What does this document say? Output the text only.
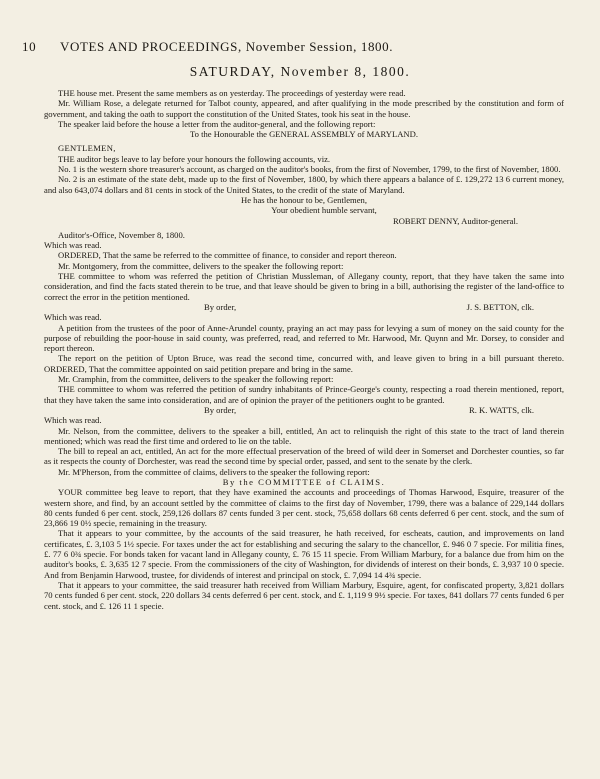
10 VOTES AND PROCEEDINGS, November Session, 1800.
SATURDAY, November 8, 1800.

THE house met. Present the same members as on yesterday. The proceedings of yesterday were read.

Mr. William Rose, a delegate returned for Talbot county, appeared, and after qualifying in the mode prescribed by the constitution and form of government, and taking the oath to support the constitution of the United States, took his seat in the house.

The speaker laid before the house a letter from the auditor-general, and the following report:

To the Honourable the GENERAL ASSEMBLY of MARYLAND.

GENTLEMEN,

THE auditor begs leave to lay before your honours the following accounts, viz.

No. 1 is the western shore treasurer's account, as charged on the auditor's books, from the first of November, 1799, to the first of November, 1800.

No. 2 is an estimate of the state debt, made up to the first of November, 1800, by which there appears a balance of £. 129,272 13 6 current money, and also 643,074 dollars and 81 cents in stock of the United States, to the credit of the state of Maryland.

He has the honour to be, Gentlemen,

Your obedient humble servant,

ROBERT DENNY, Auditor-general.

Auditor's-Office, November 8, 1800.

Which was read.

ORDERED, That the same be referred to the committee of finance, to consider and report thereon.

Mr. Montgomery, from the committee, delivers to the speaker the following report:

THE committee to whom was referred the petition of Christian Mussleman, of Allegany county, report, that they have taken the same into consideration, and find the facts stated therein to be true, and that leave should be given to bring in a bill, authorising the register of the land-office to correct the error in the petition mentioned.

By order,	J. S. BETTON, clk.

Which was read.

A petition from the trustees of the poor of Anne-Arundel county, praying an act may pass for levying a sum of money on the said county for the purpose of rebuilding the poor-house in said county, was preferred, read, and referred to Mr. Harwood, Mr. Quynn and Mr. Dorsey, to consider and report thereon.

The report on the petition of Upton Bruce, was read the second time, concurred with, and leave given to bring in a bill pursuant thereto. ORDERED, That the committee appointed on said petition prepare and bring in the same.

Mr. Cramphin, from the committee, delivers to the speaker the following report:

THE committee to whom was referred the petition of sundry inhabitants of Prince-George's county, respecting a road therein mentioned, report, that they have taken the same into consideration, and are of opinion the prayer of the petitioners ought to be granted.

By order,	R. K. WATTS, clk.

Which was read.

Mr. Nelson, from the committee, delivers to the speaker a bill, entitled, An act to relinquish the right of this state to the tract of land therein mentioned; which was read the first time and ordered to lie on the table.

The bill to repeal an act, entitled, An act for the more effectual preservation of the breed of wild deer in Somerset and Dorchester counties, so far as it respects the county of Dorchester, was read the second time by special order, passed, and sent to the senate by the clerk.

Mr. M'Pherson, from the committee of claims, delivers to the speaker the following report:

By the COMMITTEE of CLAIMS.

YOUR committee beg leave to report, that they have examined the accounts and proceedings of Thomas Harwood, Esquire, treasurer of the western shore, and find, by an account settled by the committee of claims to the first day of November, 1799, there was a balance of 229,144 dollars 80 cents funded 6 per cent. stock, 259,126 dollars 87 cents funded 3 per cent. stock, 75,658 dollars 68 cents deferred 6 per cent. stock, and the sum of 23,866 19 0½ specie, remaining in the treasury.

That it appears to your committee, by the accounts of the said treasurer, he hath received, for escheats, caution, and improvements on land certificates, £. 3,103 5 1½ specie. For taxes under the act for establishing and securing the salary to the chancellor, £. 946 0 7 specie. For militia fines, £. 77 6 0¾ specie. For bonds taken for vacant land in Allegany county, £. 76 15 11 specie. From William Marbury, for a balance due from him on the auditor's books, £. 3,635 12 7 specie. From the commissioners of the city of Washington, for dividends of interest on their bonds, £. 3,937 10 0 specie. And from Benjamin Harwood, trustee, for dividends of interest and principal on stock, £. 7,094 14 4¾ specie.

That it appears to your committee, the said treasurer hath received from William Marbury, Esquire, agent, for confiscated property, 3,821 dollars 70 cents funded 6 per cent. stock, 220 dollars 34 cents deferred 6 per cent. stock, and £. 1,119 9 9½ specie. For taxes, 841 dollars 77 cents funded 6 per cent. stock, and £. 126 11 1 specie.
